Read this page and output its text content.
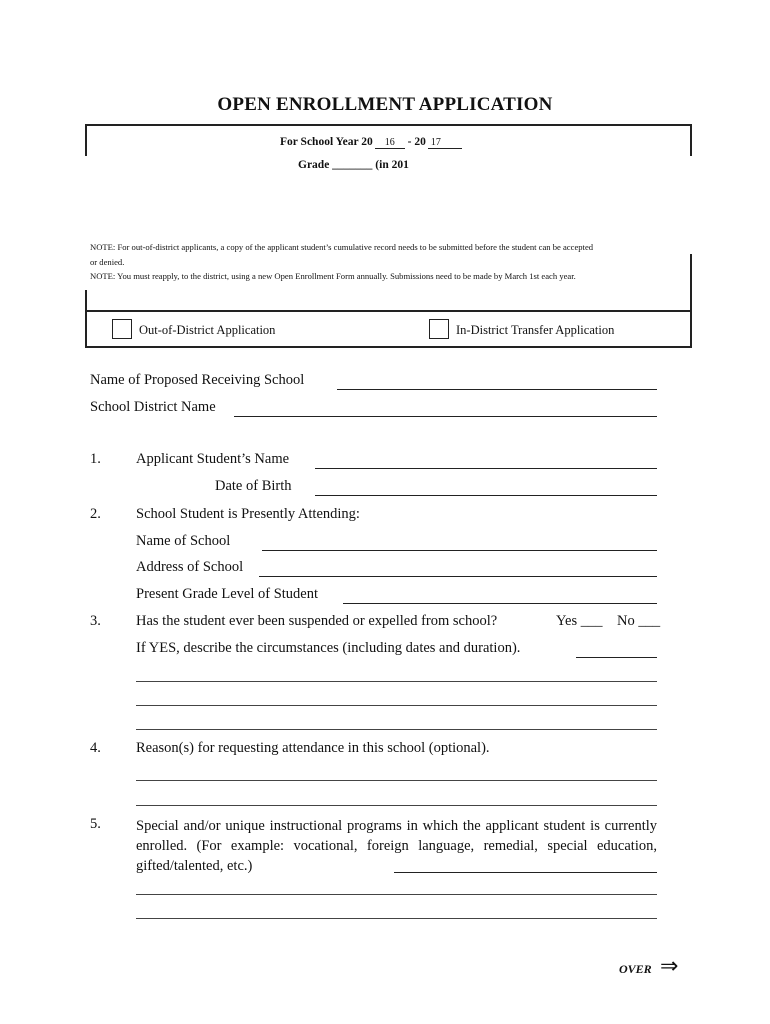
OPEN ENROLLMENT APPLICATION
For School Year 20 16 - 20 17
Grade _______ (in 201
NOTE: For out-of-district applicants, a copy of the applicant student’s cumulative record needs to be submitted before the student can be accepted
or denied.
NOTE: You must reapply, to the district, using a new Open Enrollment Form annually. Submissions need to be made by March 1st each year.
Out-of-District Application	In-District Transfer Application
Name of Proposed Receiving School
School District Name
1. Applicant Student’s Name
Date of Birth
2. School Student is Presently Attending:
Name of School
Address of School
Present Grade Level of Student
3. Has the student ever been suspended or expelled from school?	Yes ___ No ___
If YES, describe the circumstances (including dates and duration).
4. Reason(s) for requesting attendance in this school (optional).
5. Special and/or unique instructional programs in which the applicant student is currently enrolled. (For example: vocational, foreign language, remedial, special education, gifted/talented, etc.)
OVER ⇒
